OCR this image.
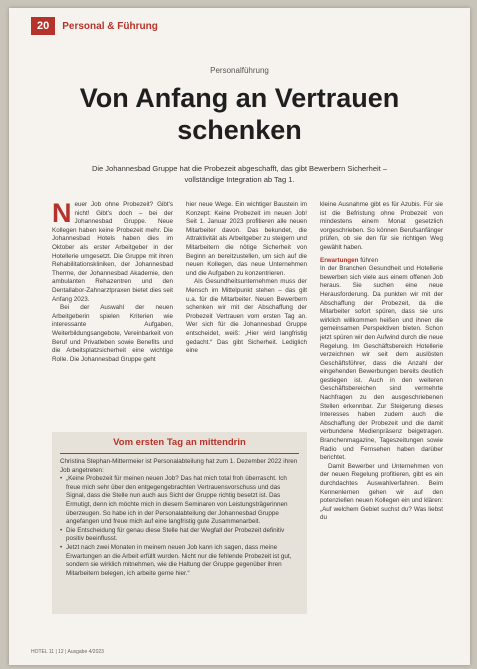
20	Personal & Führung
Personalführung
Von Anfang an Vertrauen schenken
Die Johannesbad Gruppe hat die Probezeit abgeschafft, das gibt Bewerbern Sicherheit – vollständige Integration ab Tag 1.

Neuer Job ohne Probezeit? Gibt's nicht! Gibt's doch – bei der Johannesbad Gruppe. Neue Kollegen haben keine Probezeit mehr. Die Johannesbad Hotels haben dies im Oktober als erster Arbeitgeber in der Hotellerie umgesetzt. Die Gruppe mit ihren Rehabilitationskliniken, der Johannesbad Therme, der Johannesbad Akademie, den ambulanten Rehazentren und den Dentallabor-Zahnarztpraxen bietet dies seit Anfang 2023.

Bei der Auswahl der neuen Arbeitgeberin spielen Kriterien wie interessante Aufgaben, Weiterbildungsangebote, Vereinbarkeit von Beruf und Privatleben sowie Benefits und die Arbeitsplatzsicherheit eine wichtige Rolle. Die Johannesbad Gruppe geht

hier neue Wege. Ein wichtiger Baustein im Konzept: Keine Probezeit im neuen Job! Seit 1. Januar 2023 profitieren alle neuen Mitarbeiter davon. Das bekundet, die Attraktivität als Arbeitgeber zu steigern und Mitarbeitern die nötige Sicherheit von Beginn an bereitzustellen, um sich auf die neuen Kollegen, das neue Unternehmen und die Aufgaben zu konzentrieren.

Als Gesundheitsunternehmen muss der Mensch im Mittelpunkt stehen – das gilt u.a. für die Mitarbeiter. Neuen Bewerbern schenken wir mit der Abschaffung der Probezeit Vertrauen vom ersten Tag an. Wer sich für die Johannesbad Gruppe entscheidet, weiß: „Hier wird langfristig gedacht.“ Das gibt Sicherheit. Lediglich eine

kleine Ausnahme gibt es für Azubis. Für sie ist die Befristung ohne Probezeit von mindestens einem Monat gesetzlich vorgeschrieben. So können Berufsanfänger prüfen, ob sie den für sie richtigen Weg gewählt haben.

Erwartungen führen

In der Branchen Gesundheit und Hotellerie bewerben sich viele aus einem offenen Job heraus. Sie suchen eine neue Herausforderung. Da punkten wir mit der Abschaffung der Probezeit, da die Mitarbeiter sofort spüren, dass sie uns wirklich willkommen heißen und ihnen die gemeinsamen Perspektiven bieten. Schon jetzt spüren wir den Aufwind durch die neue Regelung. Im Geschäftsbereich Hotellerie verzeichnen wir seit dem auslösten Geschäftsführer, dass die Anzahl der eingehenden Bewerbungen bereits deutlich gestiegen ist. Auch in den weiteren Geschäftsbereichen sind vermehrte Nachfragen zu den ausgeschriebenen Stellen erkennbar. Zur Steigerung dieses Interesses haben zudem auch die Abschaffung der Probezeit und die damit verbundene Medienpräsenz beigetragen. Branchenmagazine, Tageszeitungen sowie Radio und Fernsehen haben darüber berichtet.

Damit Bewerber und Unternehmen von der neuen Regelung profitieren, gibt es ein durchdachtes Auswahlverfahren. Beim Kennenlernen gehen wir auf den potenziellen neuen Kollegen ein und klären: „Auf welchem Gebiet suchst du? Was liebst du

Vom ersten Tag an mittendrin

Christina Stephan-Mittermeier ist Personalabteilung hat zum 1. Dezember 2022 ihren Job angetreten:

• „Keine Probezeit für meinen neuen Job? Das hat mich total froh überrascht. Ich freue mich sehr über den entgegengebrachten Vertrauensvorschuss und das Signal, dass die Stelle nun auch aus Sicht der Gruppe richtig besetzt ist. Das Ermutigt, denn ich möchte mich in diesem Seminaren von Leistungsträgerinnen überzeugen. So habe ich in der Personalabteilung der Johannesbad Gruppe angefangen und freue mich auf eine langfristig gute Zusammenarbeit.
• Die Entscheidung für genau diese Stelle hat der Wegfall der Probezeit definitiv positiv beeinflusst.
• Jetzt nach zwei Monaten in meinem neuen Job kann ich sagen, dass meine Erwartungen an die Arbeit erfüllt wurden. Nicht nur die fehlende Probezeit ist gut, sondern sie wirklich mitnehmen, wie die Haltung der Gruppe gegenüber ihren Mitarbeitern belegen, ich arbeite gerne hier.“
HOTEL 11 | 12 | Ausgabe 4/2023
